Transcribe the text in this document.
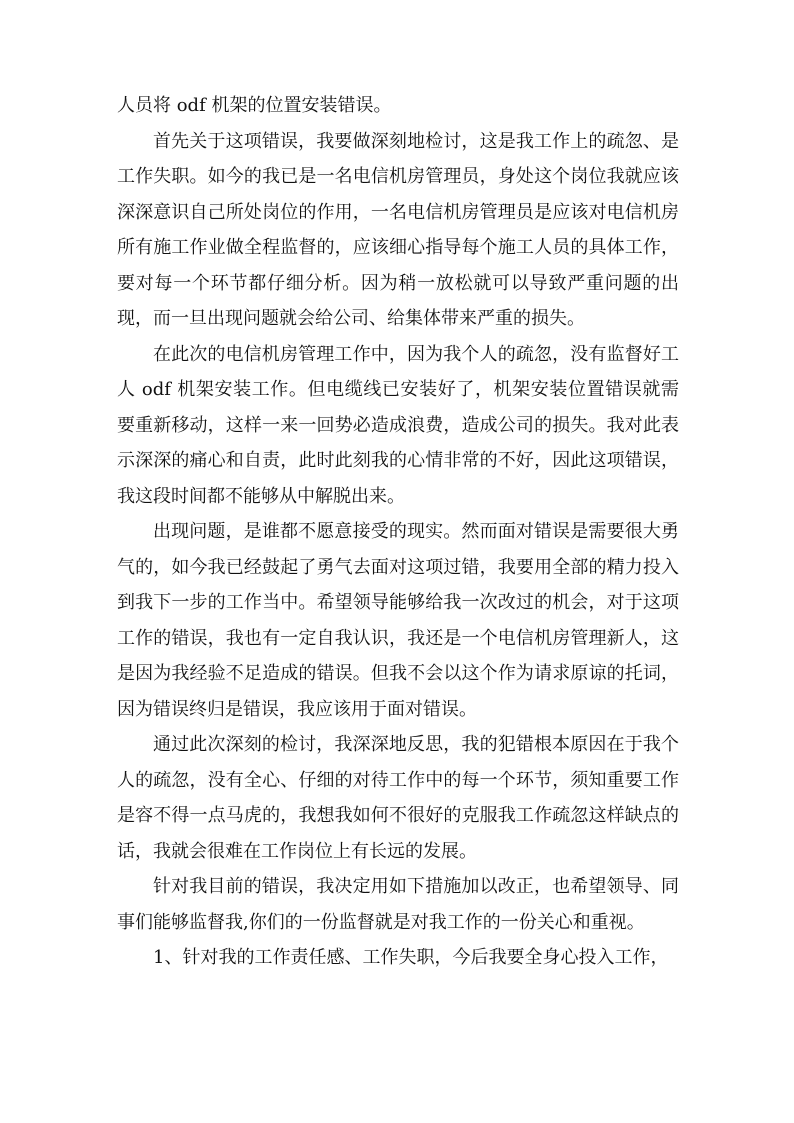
人员将 odf 机架的位置安装错误。

首先关于这项错误，我要做深刻地检讨，这是我工作上的疏忽、是工作失职。如今的我已是一名电信机房管理员，身处这个岗位我就应该深深意识自己所处岗位的作用，一名电信机房管理员是应该对电信机房所有施工作业做全程监督的，应该细心指导每个施工人员的具体工作，要对每一个环节都仔细分析。因为稍一放松就可以导致严重问题的出现，而一旦出现问题就会给公司、给集体带来严重的损失。

在此次的电信机房管理工作中，因为我个人的疏忽，没有监督好工人 odf 机架安装工作。但电缆线已安装好了，机架安装位置错误就需要重新移动，这样一来一回势必造成浪费，造成公司的损失。我对此表示深深的痛心和自责，此时此刻我的心情非常的不好，因此这项错误，我这段时间都不能够从中解脱出来。

出现问题，是谁都不愿意接受的现实。然而面对错误是需要很大勇气的，如今我已经鼓起了勇气去面对这项过错，我要用全部的精力投入到我下一步的工作当中。希望领导能够给我一次改过的机会，对于这项工作的错误，我也有一定自我认识，我还是一个电信机房管理新人，这是因为我经验不足造成的错误。但我不会以这个作为请求原谅的托词，因为错误终归是错误，我应该用于面对错误。

通过此次深刻的检讨，我深深地反思，我的犯错根本原因在于我个人的疏忽，没有全心、仔细的对待工作中的每一个环节，须知重要工作是容不得一点马虎的，我想我如何不很好的克服我工作疏忽这样缺点的话，我就会很难在工作岗位上有长远的发展。

针对我目前的错误，我决定用如下措施加以改正，也希望领导、同事们能够监督我,你们的一份监督就是对我工作的一份关心和重视。

1、针对我的工作责任感、工作失职，今后我要全身心投入工作，
